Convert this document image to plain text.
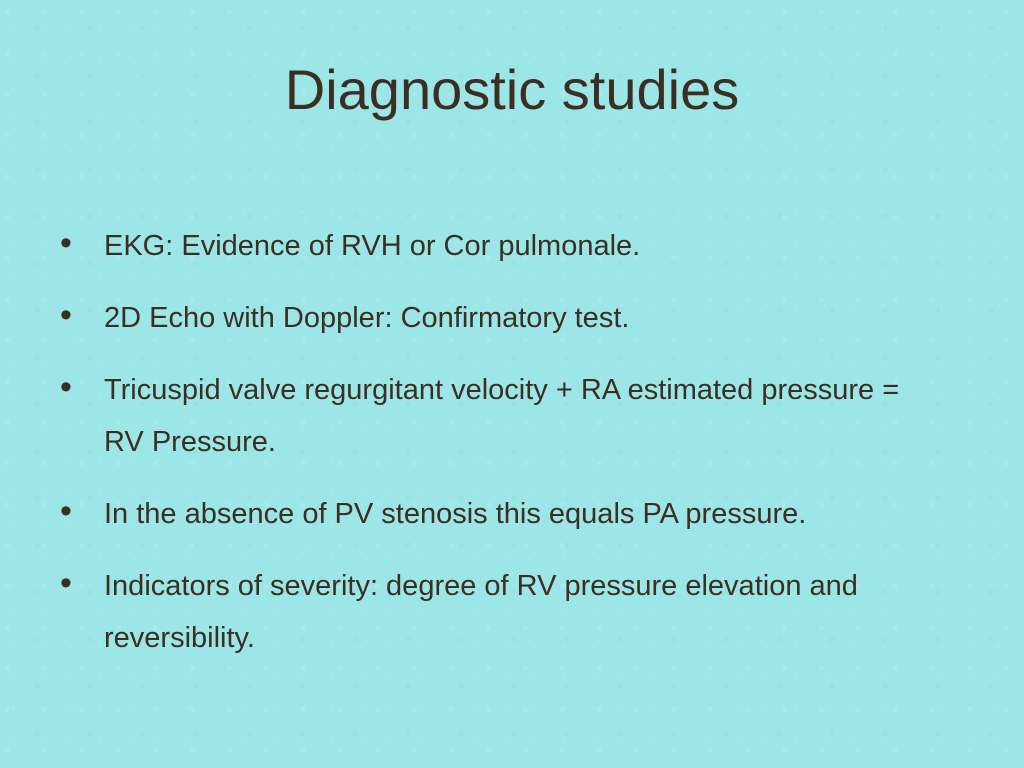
Diagnostic studies
• EKG: Evidence of RVH or Cor pulmonale.
• 2D Echo with Doppler: Confirmatory test.
• Tricuspid valve regurgitant velocity + RA estimated pressure = RV Pressure.
• In the absence of PV stenosis this equals PA pressure.
• Indicators of severity: degree of RV pressure elevation and reversibility.
